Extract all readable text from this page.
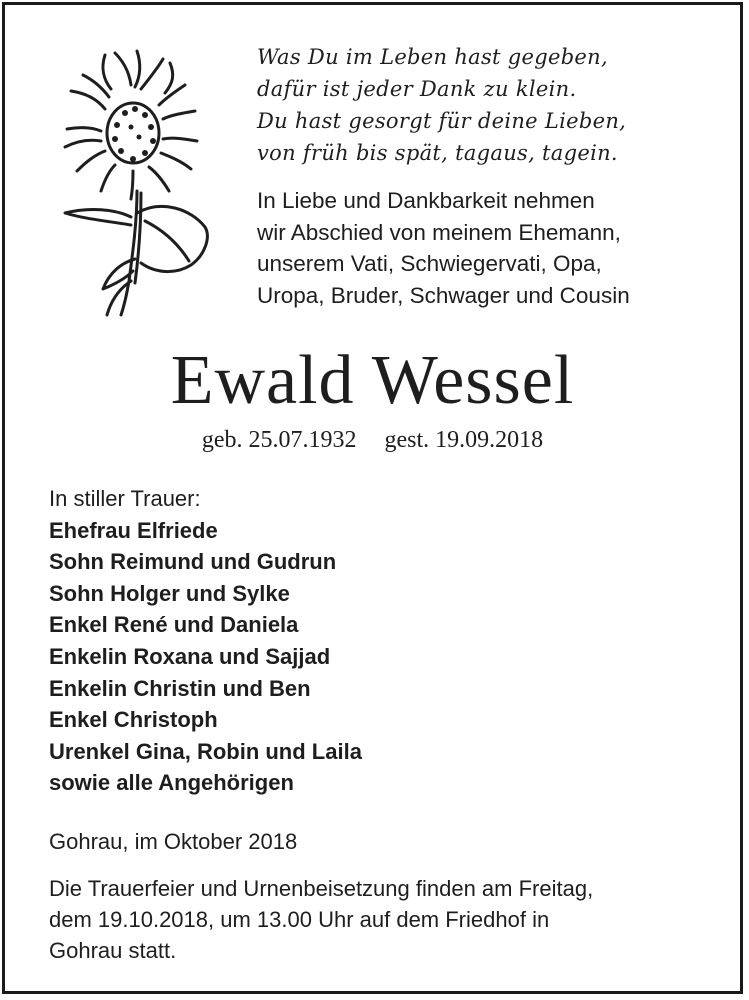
Was Du im Leben hast gegeben,
dafür ist jeder Dank zu klein.
Du hast gesorgt für deine Lieben,
von früh bis spät, tagaus, tagein.
In Liebe und Dankbarkeit nehmen
wir Abschied von meinem Ehemann,
unserem Vati, Schwiegervati, Opa,
Uropa, Bruder, Schwager und Cousin
Ewald Wessel
geb. 25.07.1932 gest. 19.09.2018
In stiller Trauer:
Ehefrau Elfriede
Sohn Reimund und Gudrun
Sohn Holger und Sylke
Enkel René und Daniela
Enkelin Roxana und Sajjad
Enkelin Christin und Ben
Enkel Christoph
Urenkel Gina, Robin und Laila
sowie alle Angehörigen
Gohrau, im Oktober 2018
Die Trauerfeier und Urnenbeisetzung finden am Freitag,
dem 19.10.2018, um 13.00 Uhr auf dem Friedhof in
Gohrau statt.
